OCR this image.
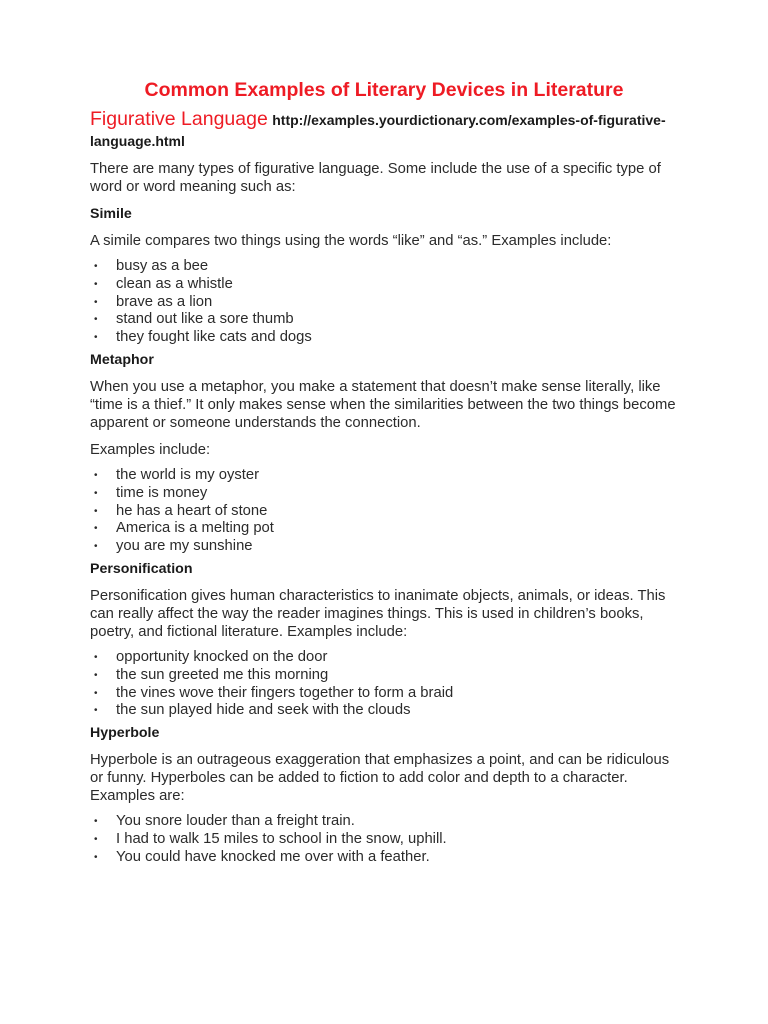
Common Examples of Literary Devices in Literature
Figurative Language http://examples.yourdictionary.com/examples-of-figurative-language.html

There are many types of figurative language. Some include the use of a specific type of word or word meaning such as:

Simile

A simile compares two things using the words “like” and “as.” Examples include:

• busy as a bee
• clean as a whistle
• brave as a lion
• stand out like a sore thumb
• they fought like cats and dogs
Metaphor

When you use a metaphor, you make a statement that doesn’t make sense literally, like “time is a thief.” It only makes sense when the similarities between the two things become apparent or someone understands the connection.

Examples include:

• the world is my oyster
• time is money
• he has a heart of stone
• America is a melting pot
• you are my sunshine
Personification

Personification gives human characteristics to inanimate objects, animals, or ideas. This can really affect the way the reader imagines things. This is used in children’s books, poetry, and fictional literature. Examples include:

• opportunity knocked on the door
• the sun greeted me this morning
• the vines wove their fingers together to form a braid
• the sun played hide and seek with the clouds
Hyperbole

Hyperbole is an outrageous exaggeration that emphasizes a point, and can be ridiculous or funny. Hyperboles can be added to fiction to add color and depth to a character. Examples are:

• You snore louder than a freight train.
• I had to walk 15 miles to school in the snow, uphill.
• You could have knocked me over with a feather.
